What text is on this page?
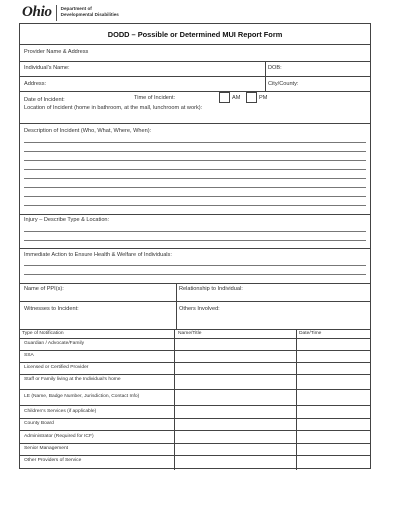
Ohio Department of
Developmental Disabilities
DODD – Possible or Determined MUI Report Form
Provider Name & Address
Individual’s Name:	DOB:
Address:	City/County:
Date of Incident:	Time of Incident:	AM	PM
Location of Incident (home in bathroom, at the mall, lunchroom at work):
Description of Incident (Who, What, Where, When):
Injury – Describe Type & Location:
Immediate Action to Ensure Health & Welfare of Individuals:
Name of PPI(s):	Relationship to Individual:
Witnesses to Incident:	Others Involved:
Type of Notification	Name/Title	Date/Time
Guardian / Advocate/Family
SSA
Licensed or Certified Provider
Staff or Family living at the Individual’s home
LE (Name, Badge Number, Jurisdiction, Contact Info)
Children’s Services (if applicable)
County Board
Administrator (Required for ICF)
Senior Management
Other Providers of Service
